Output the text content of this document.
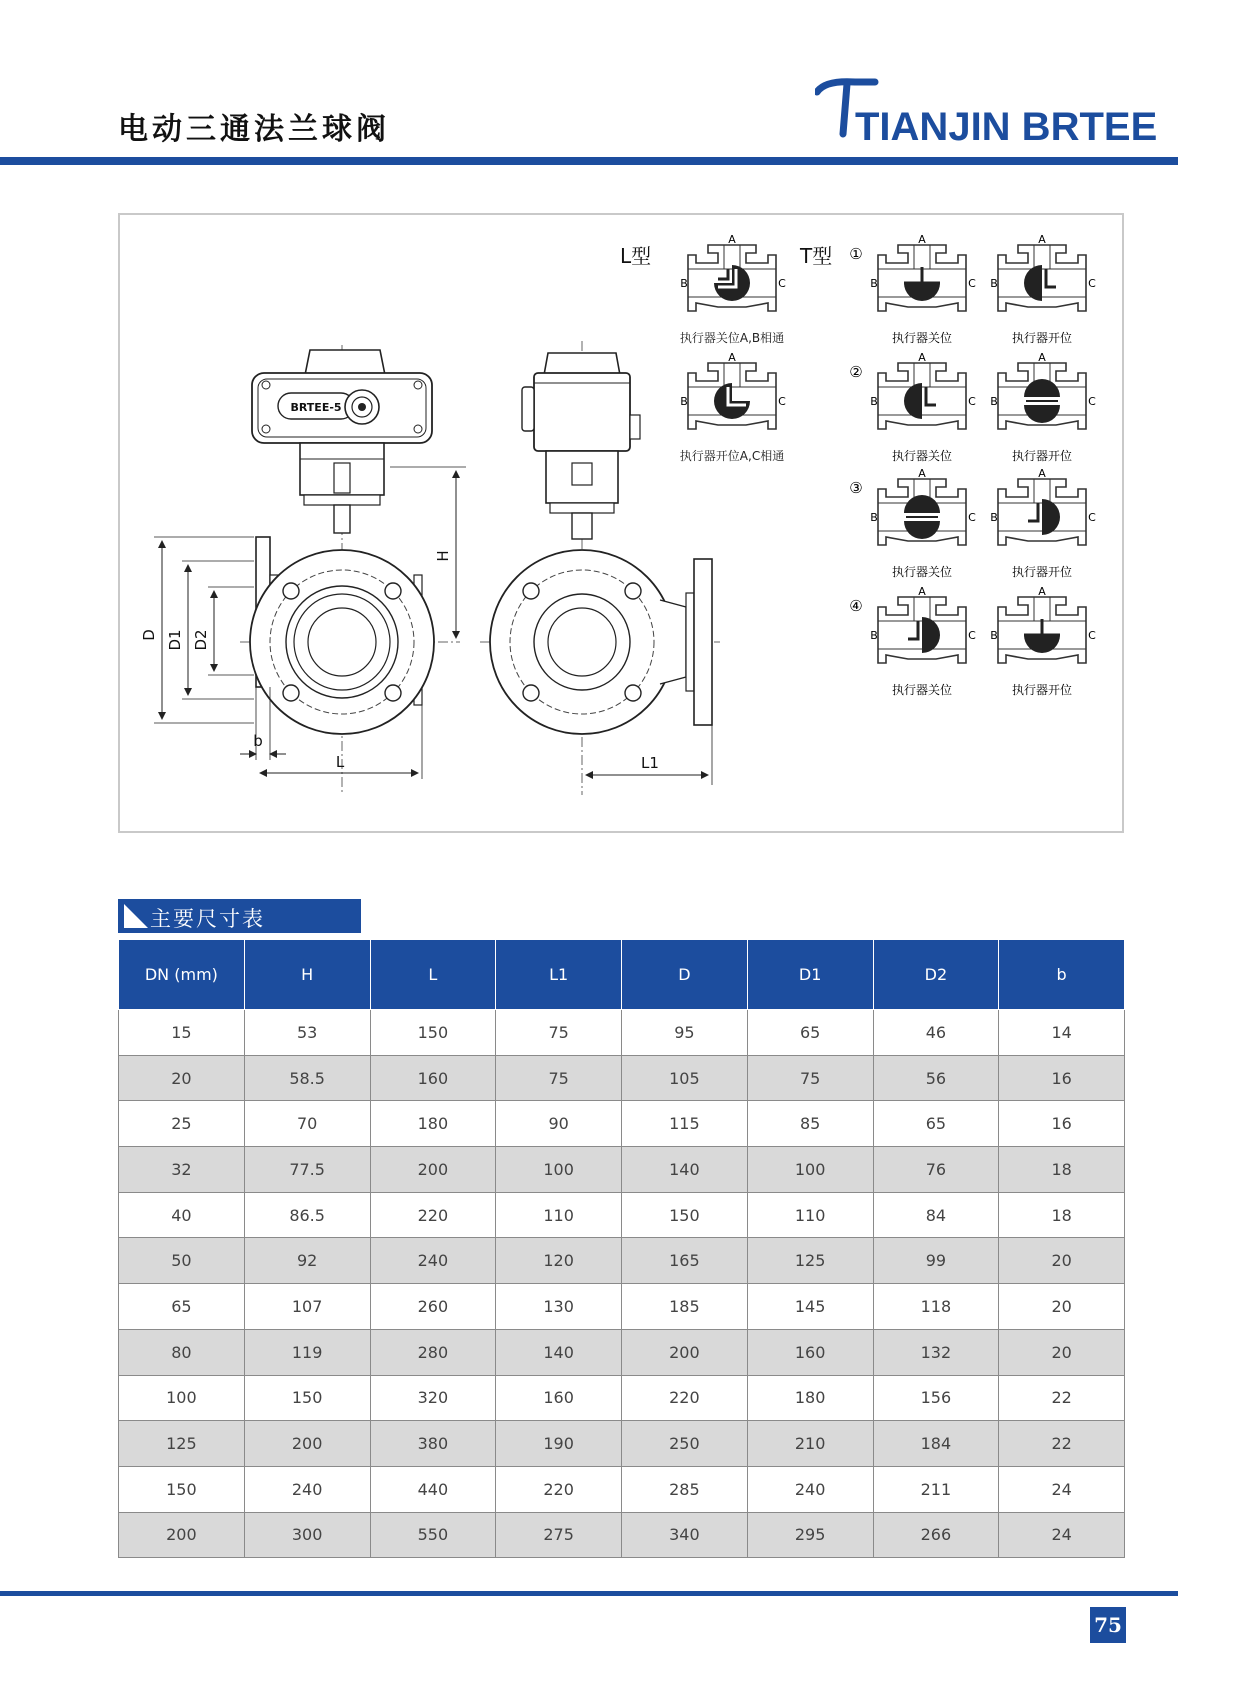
电动三通法兰球阀	TIANJIN BRTEE
BRTEE-5
D D1 D2
H
b
L	L1
L型
A
B	C
执行器关位A,B相通
A
B	C
执行器开位A,C相通
T型 ①
A
B	C
执行器关位
A
B	C
执行器开位
②
A
B	C
执行器关位
A
B	C
执行器开位
③
A
B	C
执行器关位
A
B	C
执行器开位
④
A
B	C
执行器关位
A
B	C
执行器开位
主要尺寸表
DN (mm)	H	L	L1	D	D1	D2	b
15	53	150	75	95	65	46	14
20	58.5	160	75	105	75	56	16
25	70	180	90	115	85	65	16
32	77.5	200	100	140	100	76	18
40	86.5	220	110	150	110	84	18
50	92	240	120	165	125	99	20
65	107	260	130	185	145	118	20
80	119	280	140	200	160	132	20
100	150	320	160	220	180	156	22
125	200	380	190	250	210	184	22
150	240	440	220	285	240	211	24
200	300	550	275	340	295	266	24
75
